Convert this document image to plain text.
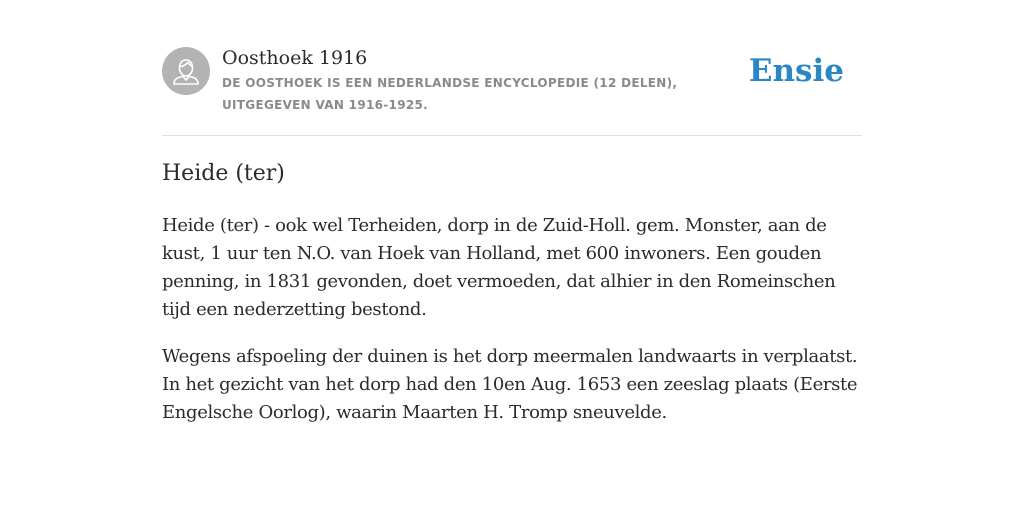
Oosthoek 1916
DE OOSTHOEK IS EEN NEDERLANDSE ENCYCLOPEDIE (12 DELEN), UITGEGEVEN VAN 1916-1925.
Ensie
Heide (ter)

Heide (ter) - ook wel Terheiden, dorp in de Zuid-Holl. gem. Monster, aan de kust, 1 uur ten N.O. van Hoek van Holland, met 600 inwoners. Een gouden penning, in 1831 gevonden, doet vermoeden, dat alhier in den Romeinschen tijd een nederzetting bestond.

Wegens afspoeling der duinen is het dorp meermalen landwaarts in verplaatst. In het gezicht van het dorp had den 10en Aug. 1653 een zeeslag plaats (Eerste Engelsche Oorlog), waarin Maarten H. Tromp sneuvelde.
